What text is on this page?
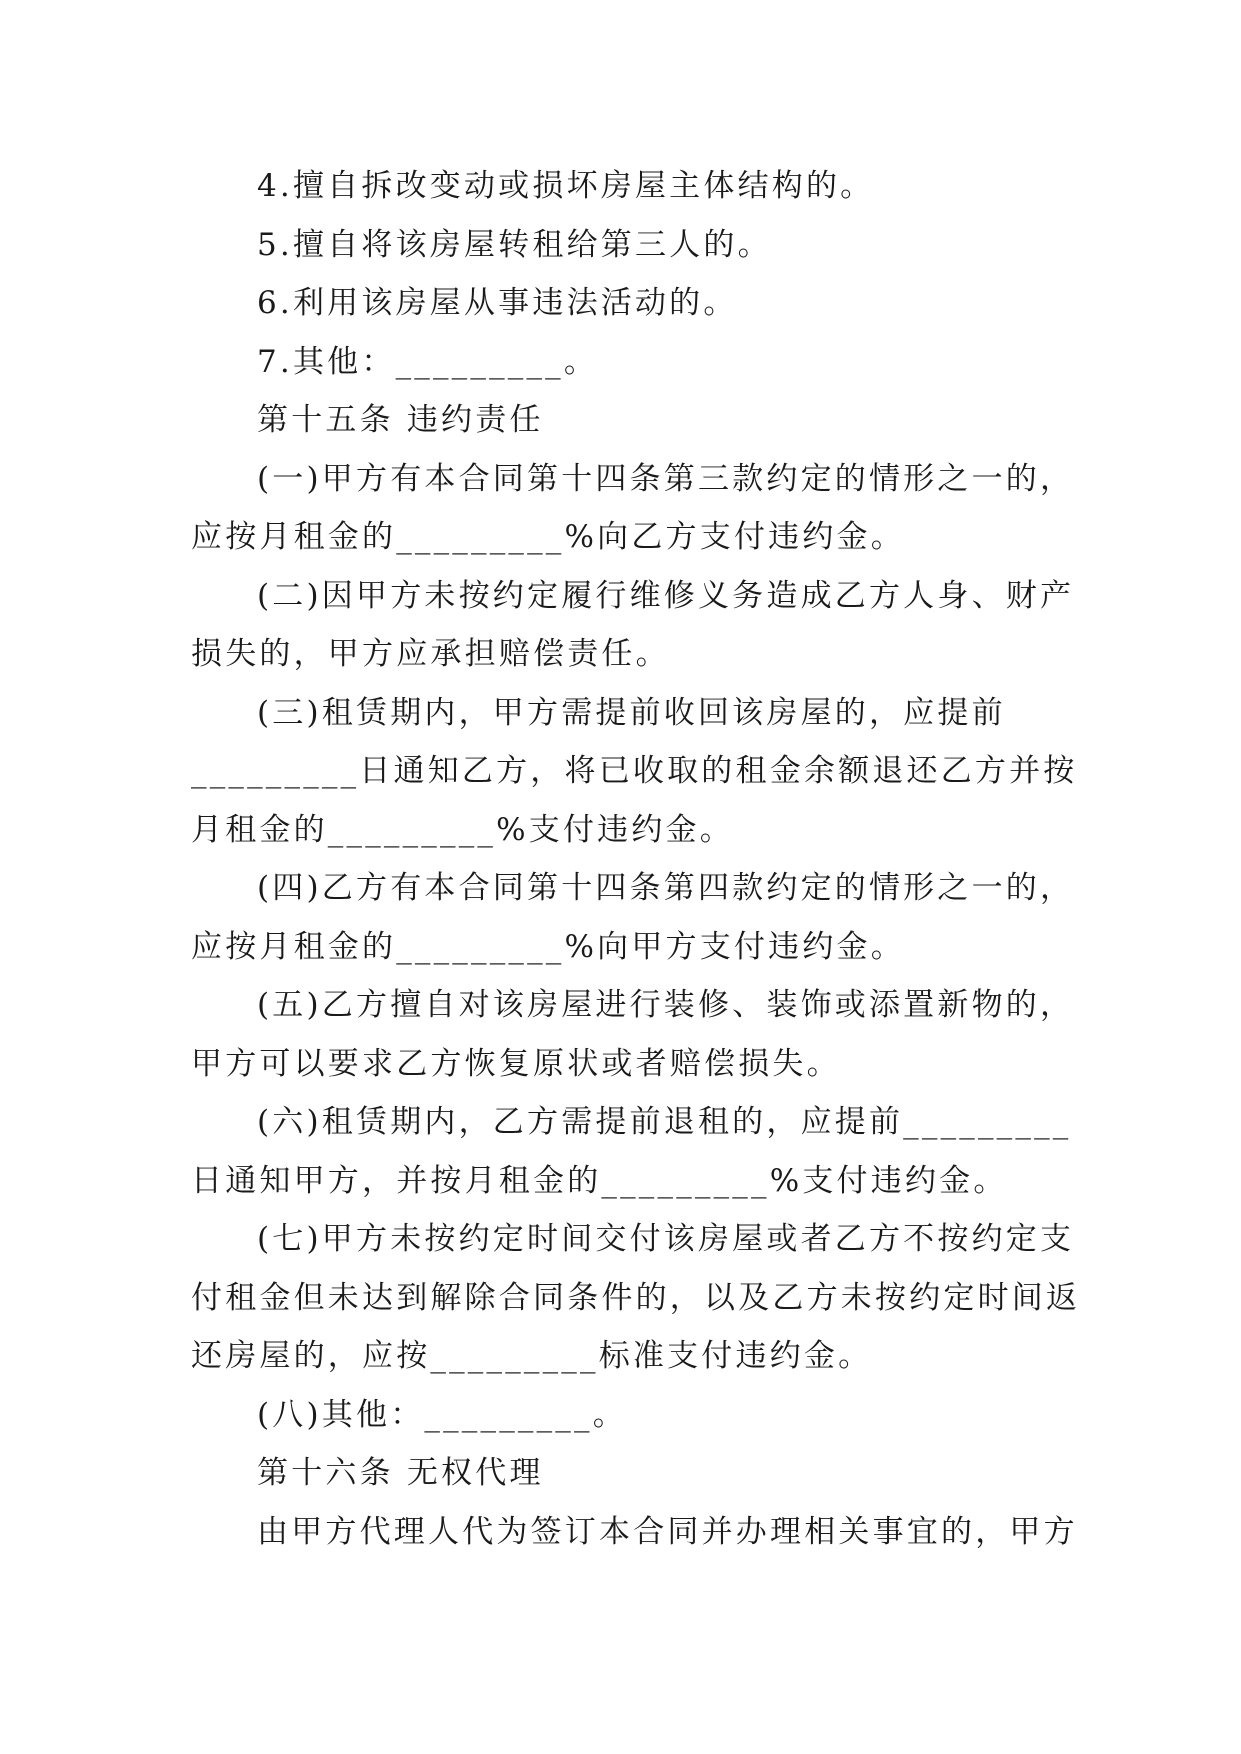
4.擅自拆改变动或损坏房屋主体结构的。
5.擅自将该房屋转租给第三人的。
6.利用该房屋从事违法活动的。
7.其他：_________。
第十五条 违约责任
(一)甲方有本合同第十四条第三款约定的情形之一的，
应按月租金的_________%向乙方支付违约金。
(二)因甲方未按约定履行维修义务造成乙方人身、财产
损失的，甲方应承担赔偿责任。
(三)租赁期内，甲方需提前收回该房屋的，应提前
_________日通知乙方，将已收取的租金余额退还乙方并按
月租金的_________%支付违约金。
(四)乙方有本合同第十四条第四款约定的情形之一的，
应按月租金的_________%向甲方支付违约金。
(五)乙方擅自对该房屋进行装修、装饰或添置新物的，
甲方可以要求乙方恢复原状或者赔偿损失。
(六)租赁期内，乙方需提前退租的，应提前_________
日通知甲方，并按月租金的_________%支付违约金。
(七)甲方未按约定时间交付该房屋或者乙方不按约定支
付租金但未达到解除合同条件的，以及乙方未按约定时间返
还房屋的，应按_________标准支付违约金。
(八)其他：_________。
第十六条 无权代理
由甲方代理人代为签订本合同并办理相关事宜的，甲方
